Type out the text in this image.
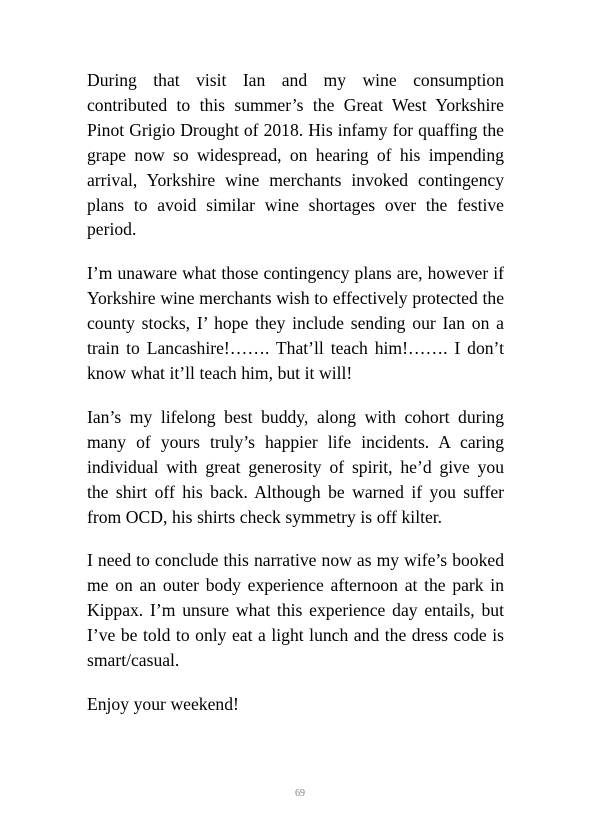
During that visit Ian and my wine consumption contributed to this summer’s the Great West Yorkshire Pinot Grigio Drought of 2018. His infamy for quaffing the grape now so widespread, on hearing of his impending arrival, Yorkshire wine merchants invoked contingency plans to avoid similar wine shortages over the festive period.

I’m unaware what those contingency plans are, however if Yorkshire wine merchants wish to effectively protected the county stocks, I’ hope they include sending our Ian on a train to Lancashire!……. That’ll teach him!……. I don’t know what it’ll teach him, but it will!

Ian’s my lifelong best buddy, along with cohort during many of yours truly’s happier life incidents. A caring individual with great generosity of spirit, he’d give you the shirt off his back. Although be warned if you suffer from OCD, his shirts check symmetry is off kilter.

I need to conclude this narrative now as my wife’s booked me on an outer body experience afternoon at the park in Kippax. I’m unsure what this experience day entails, but I’ve be told to only eat a light lunch and the dress code is smart/casual.

Enjoy your weekend!

69
